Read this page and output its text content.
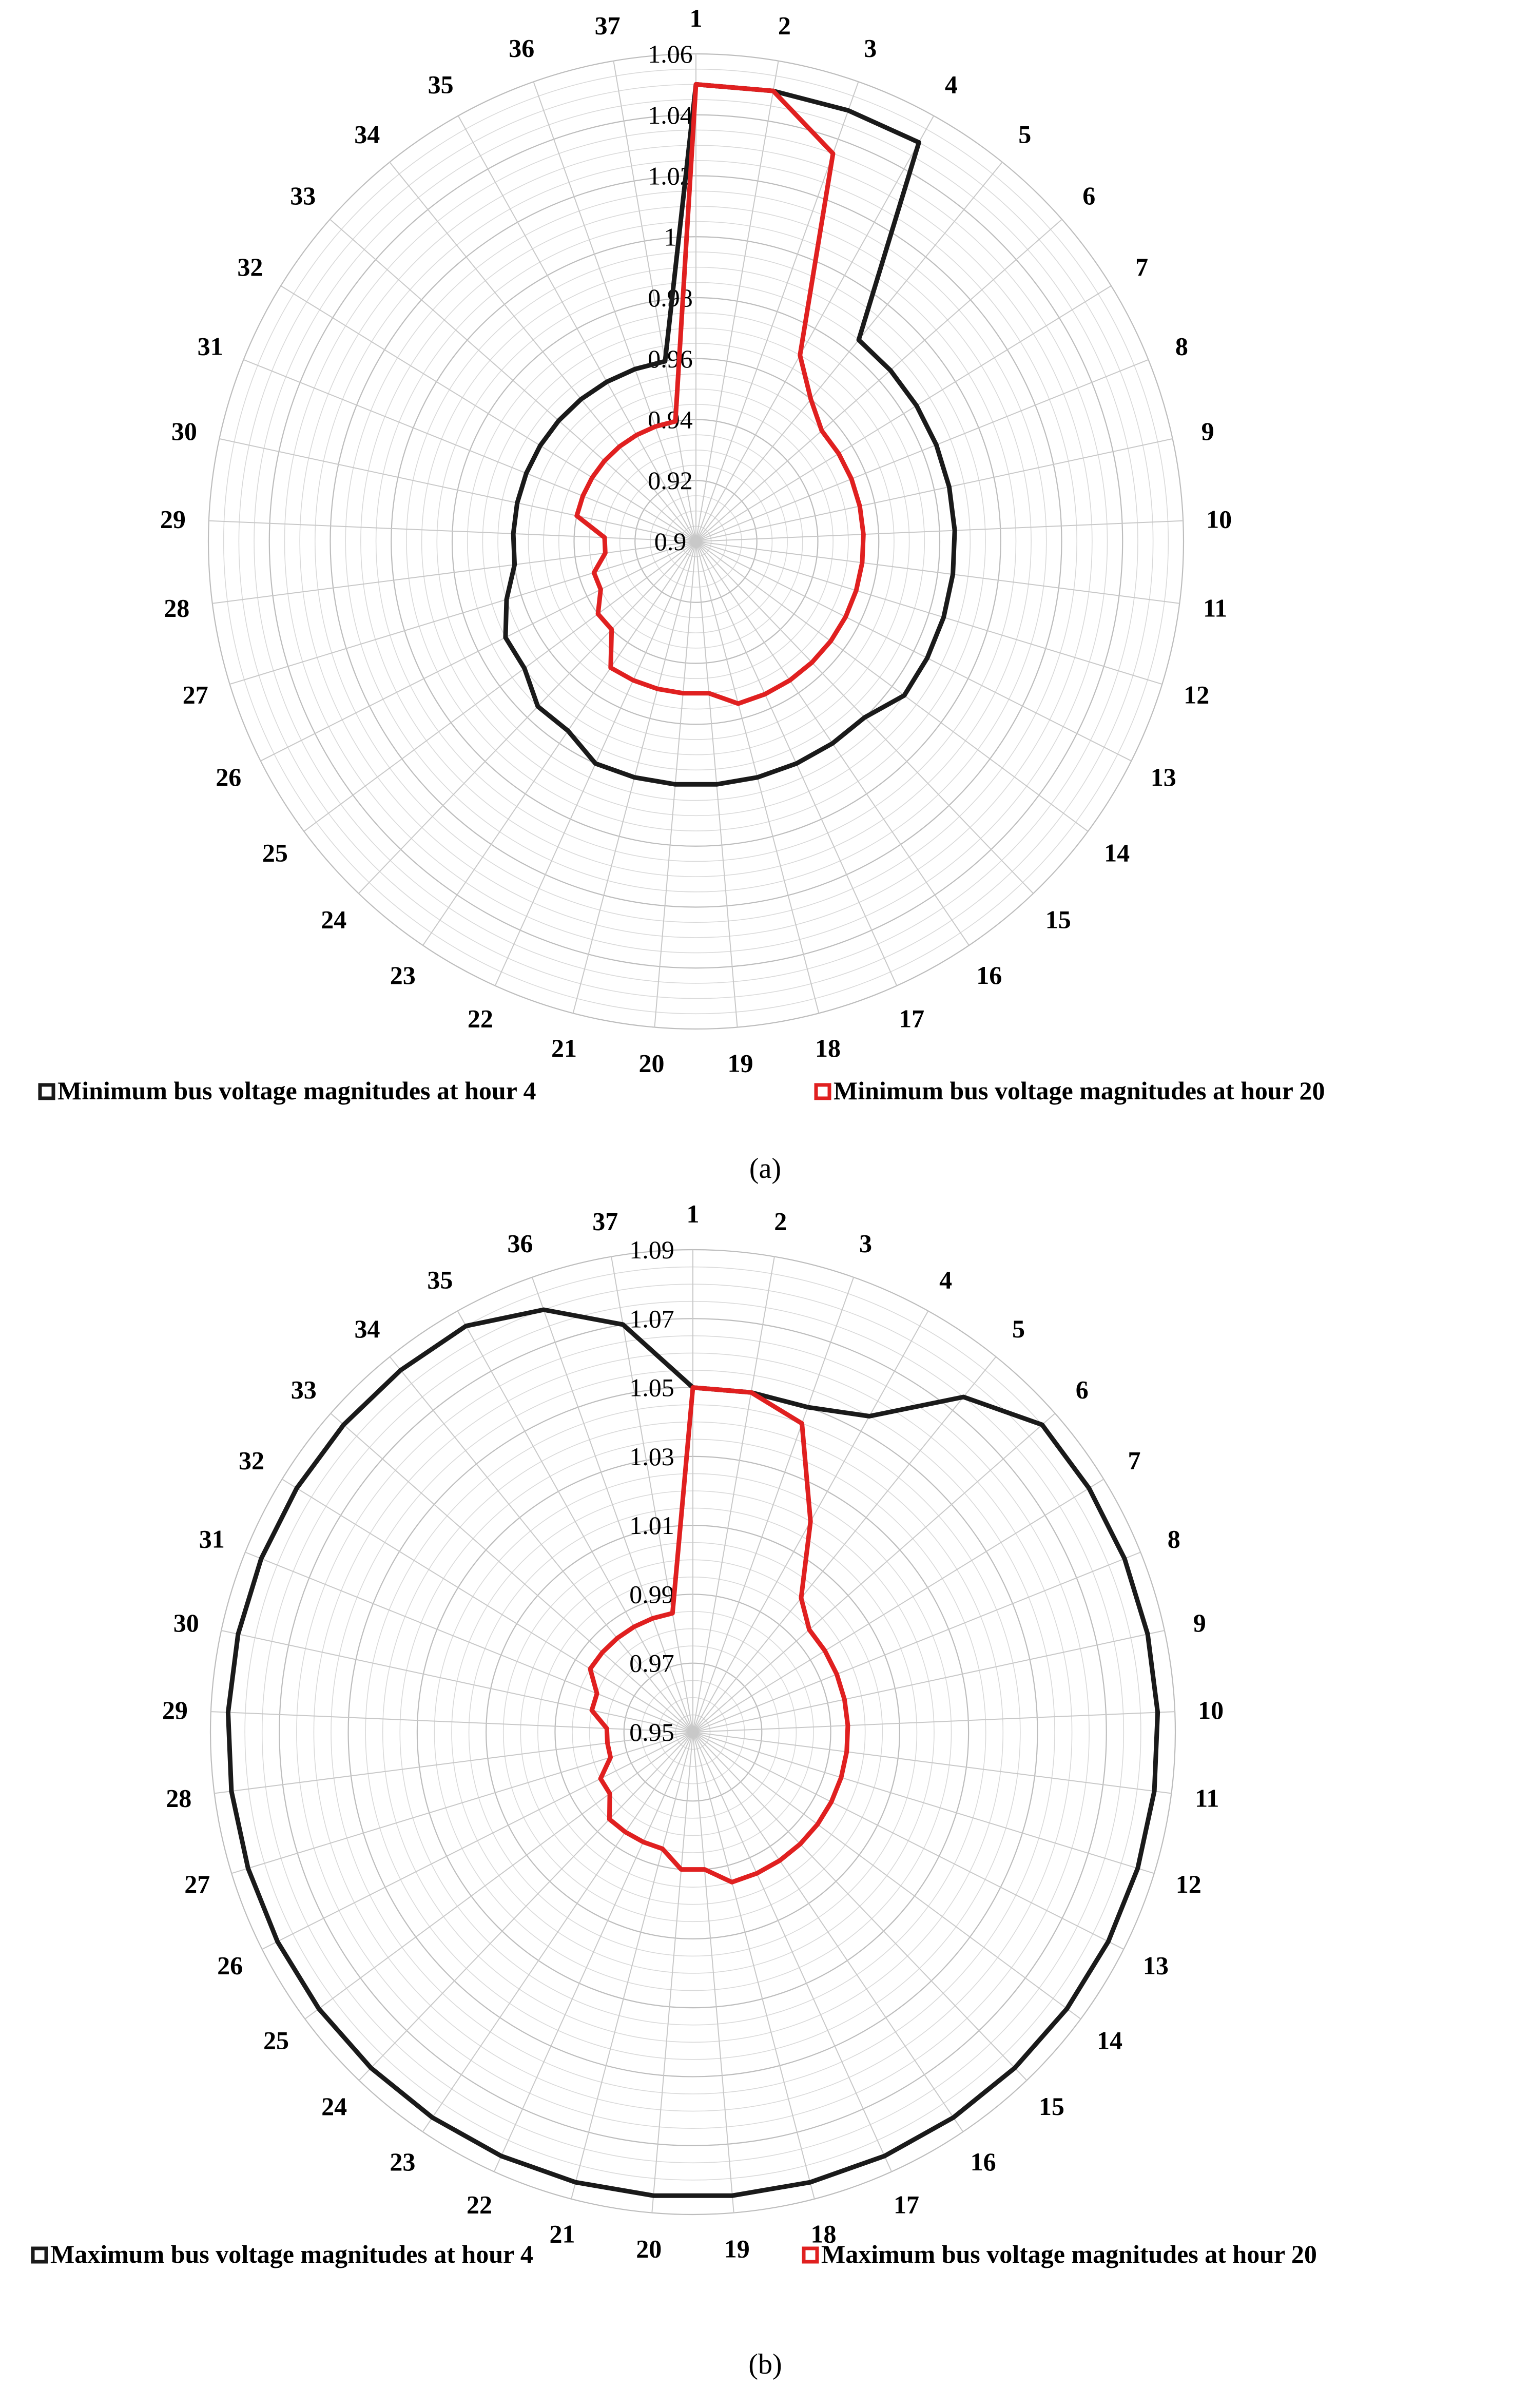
0.9
0.92
0.94
0.96
0.98
1
1.02
1.04
1.06
1	2
3
4
5
6
7
8
9
10
11
12
13
14
15
16
17
18
19
20
21
22
23
24
25
26
27
28
29
30
31
32
33
34
35
36
37
Minimum bus voltage magnitudes at hour 4	Minimum bus voltage magnitudes at hour 20
(a)
0.95
0.97
0.99
1.01
1.03
1.05
1.07
1.09
1	2
3
4
5
6
7
8
9
10
11
12
13
14
15
16
17
18
19
20
21
22
23
24
25
26
27
28
29
30
31
32
33
34
35
36
37
Maximum bus voltage magnitudes at hour 4	Maximum bus voltage magnitudes at hour 20
(b)
